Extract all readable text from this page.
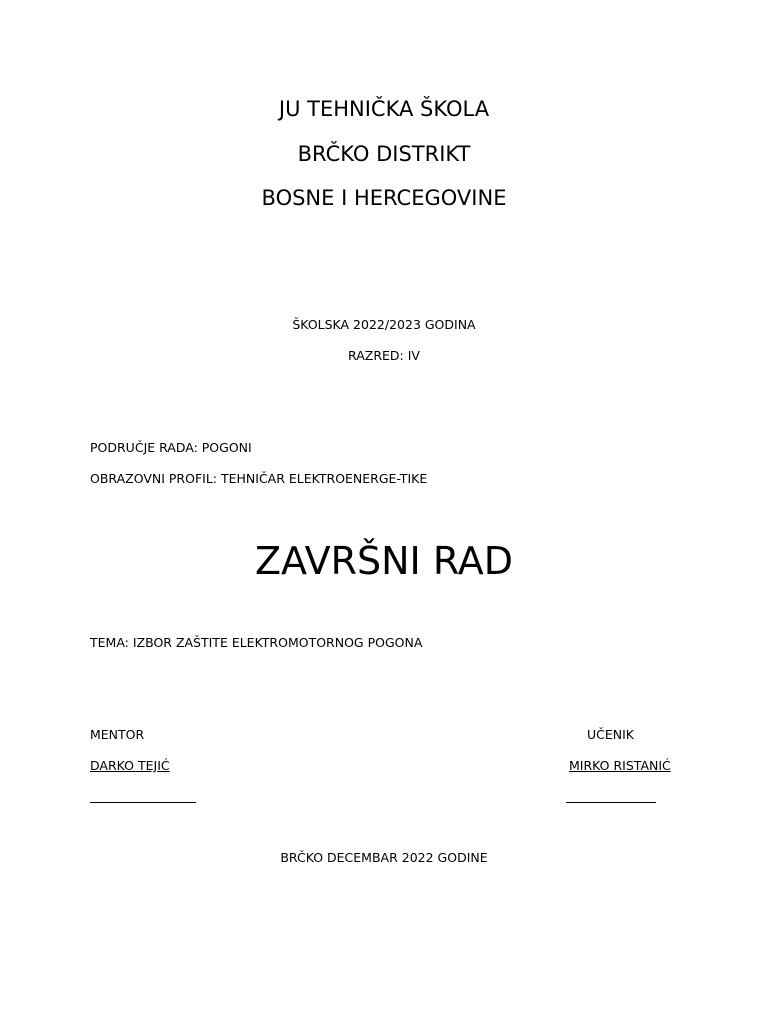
JU TEHNIČKA ŠKOLA
BRČKO DISTRIKT
BOSNE I HERCEGOVINE
ŠKOLSKA 2022/2023 GODINA
RAZRED: IV
PODRUČJE RADA: POGONI
OBRAZOVNI PROFIL: TEHNIČAR ELEKTROENERGE-TIKE
ZAVRŠNI RAD
TEMA: IZBOR ZAŠTITE ELEKTROMOTORNOG POGONA
MENTOR
DARKO TEJIĆ
UČENIK
MIRKO RISTANIĆ
BRČKO DECEMBAR 2022 GODINE
